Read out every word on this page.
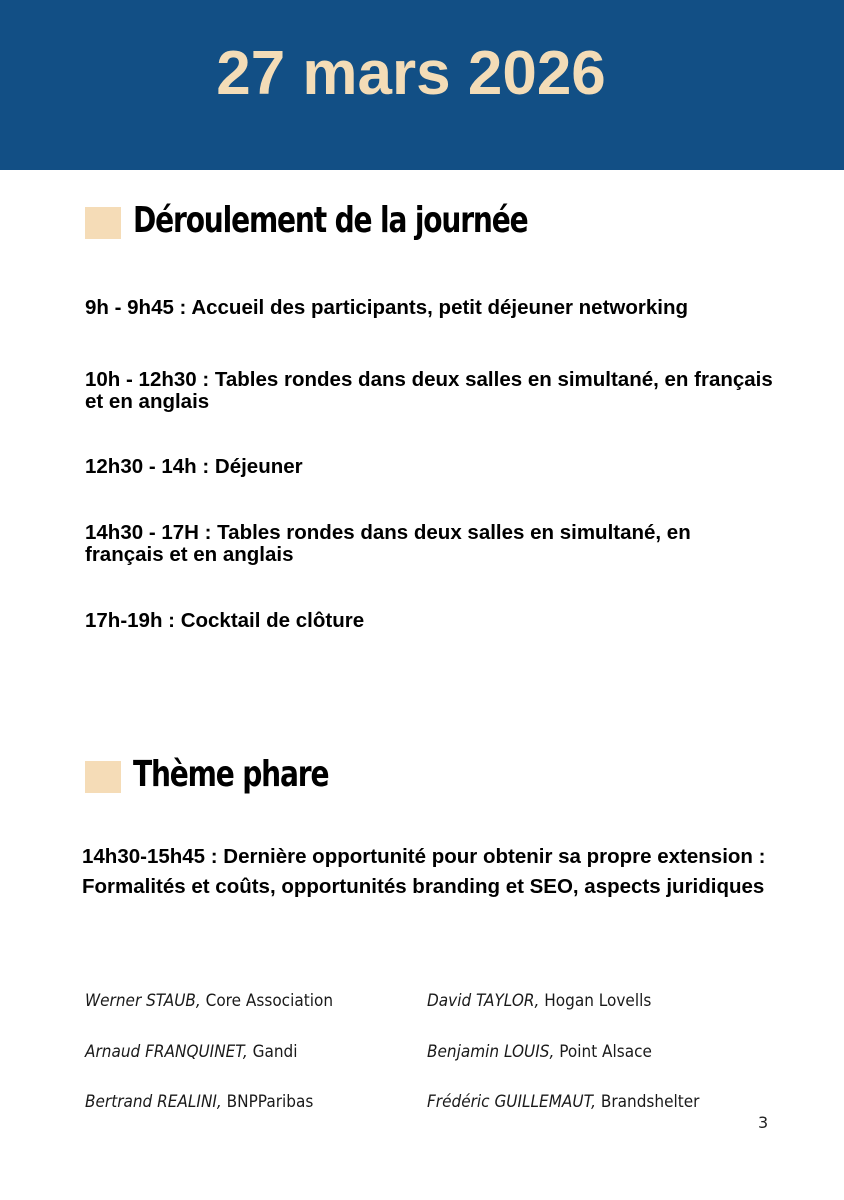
27 mars 2026
Déroulement de la journée
9h - 9h45 : Accueil des participants, petit déjeuner networking
10h - 12h30 : Tables rondes dans deux salles en simultané, en français et en anglais
12h30 - 14h : Déjeuner
14h30 - 17H : Tables rondes dans deux salles en simultané, en français et en anglais
17h-19h : Cocktail de clôture
Thème phare
14h30-15h45 : Dernière opportunité pour obtenir sa propre extension : Formalités et coûts, opportunités branding et SEO, aspects juridiques
Werner STAUB, Core Association	David TAYLOR, Hogan Lovells
Arnaud FRANQUINET, Gandi	Benjamin LOUIS, Point Alsace
Bertrand REALINI, BNPParibas	Frédéric GUILLEMAUT, Brandshelter
3
